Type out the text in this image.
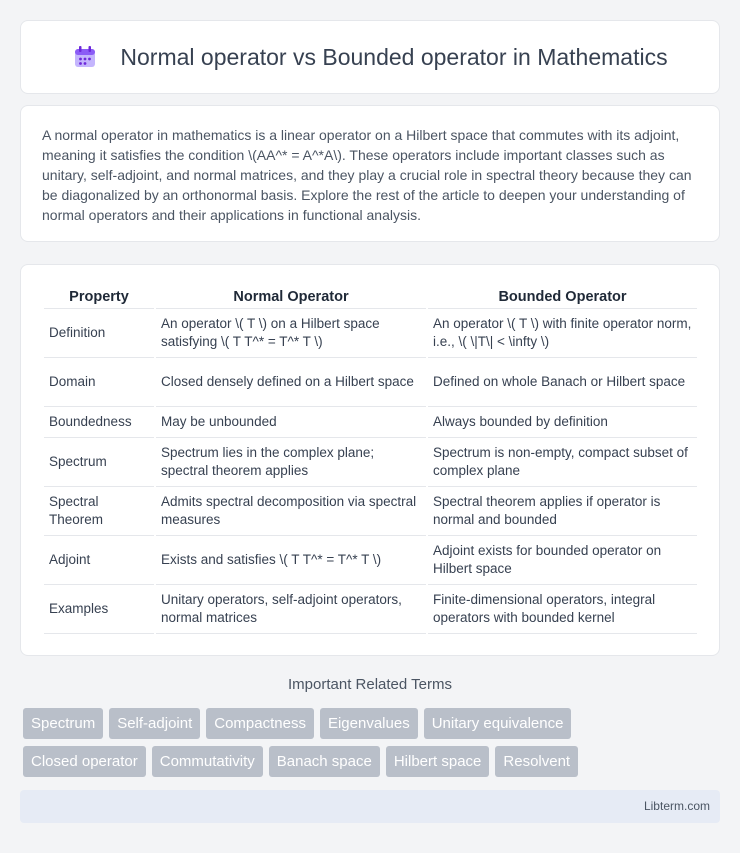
Normal operator vs Bounded operator in Mathematics

A normal operator in mathematics is a linear operator on a Hilbert space that commutes with its adjoint, meaning it satisfies the condition \(AA^* = A^*A\). These operators include important classes such as unitary, self-adjoint, and normal matrices, and they play a crucial role in spectral theory because they can be diagonalized by an orthonormal basis. Explore the rest of the article to deepen your understanding of normal operators and their applications in functional analysis.

Property	Normal Operator	Bounded Operator
Definition	An operator \( T \) on a Hilbert space satisfying \( T T^* = T^* T \)	An operator \( T \) with finite operator norm, i.e., \( \|T\| < \infty \)
Domain	Closed densely defined on a Hilbert space	Defined on whole Banach or Hilbert space
Boundedness	May be unbounded	Always bounded by definition
Spectrum	Spectrum lies in the complex plane; spectral theorem applies	Spectrum is non-empty, compact subset of complex plane
Spectral Theorem	Admits spectral decomposition via spectral measures	Spectral theorem applies if operator is normal and bounded
Adjoint	Exists and satisfies \( T T^* = T^* T \)	Adjoint exists for bounded operator on Hilbert space
Examples	Unitary operators, self-adjoint operators, normal matrices	Finite-dimensional operators, integral operators with bounded kernel
Important Related Terms
Spectrum	Self-adjoint	Compactness	Eigenvalues	Unitary equivalence
Closed operator	Commutativity	Banach space	Hilbert space	Resolvent
Libterm.com
